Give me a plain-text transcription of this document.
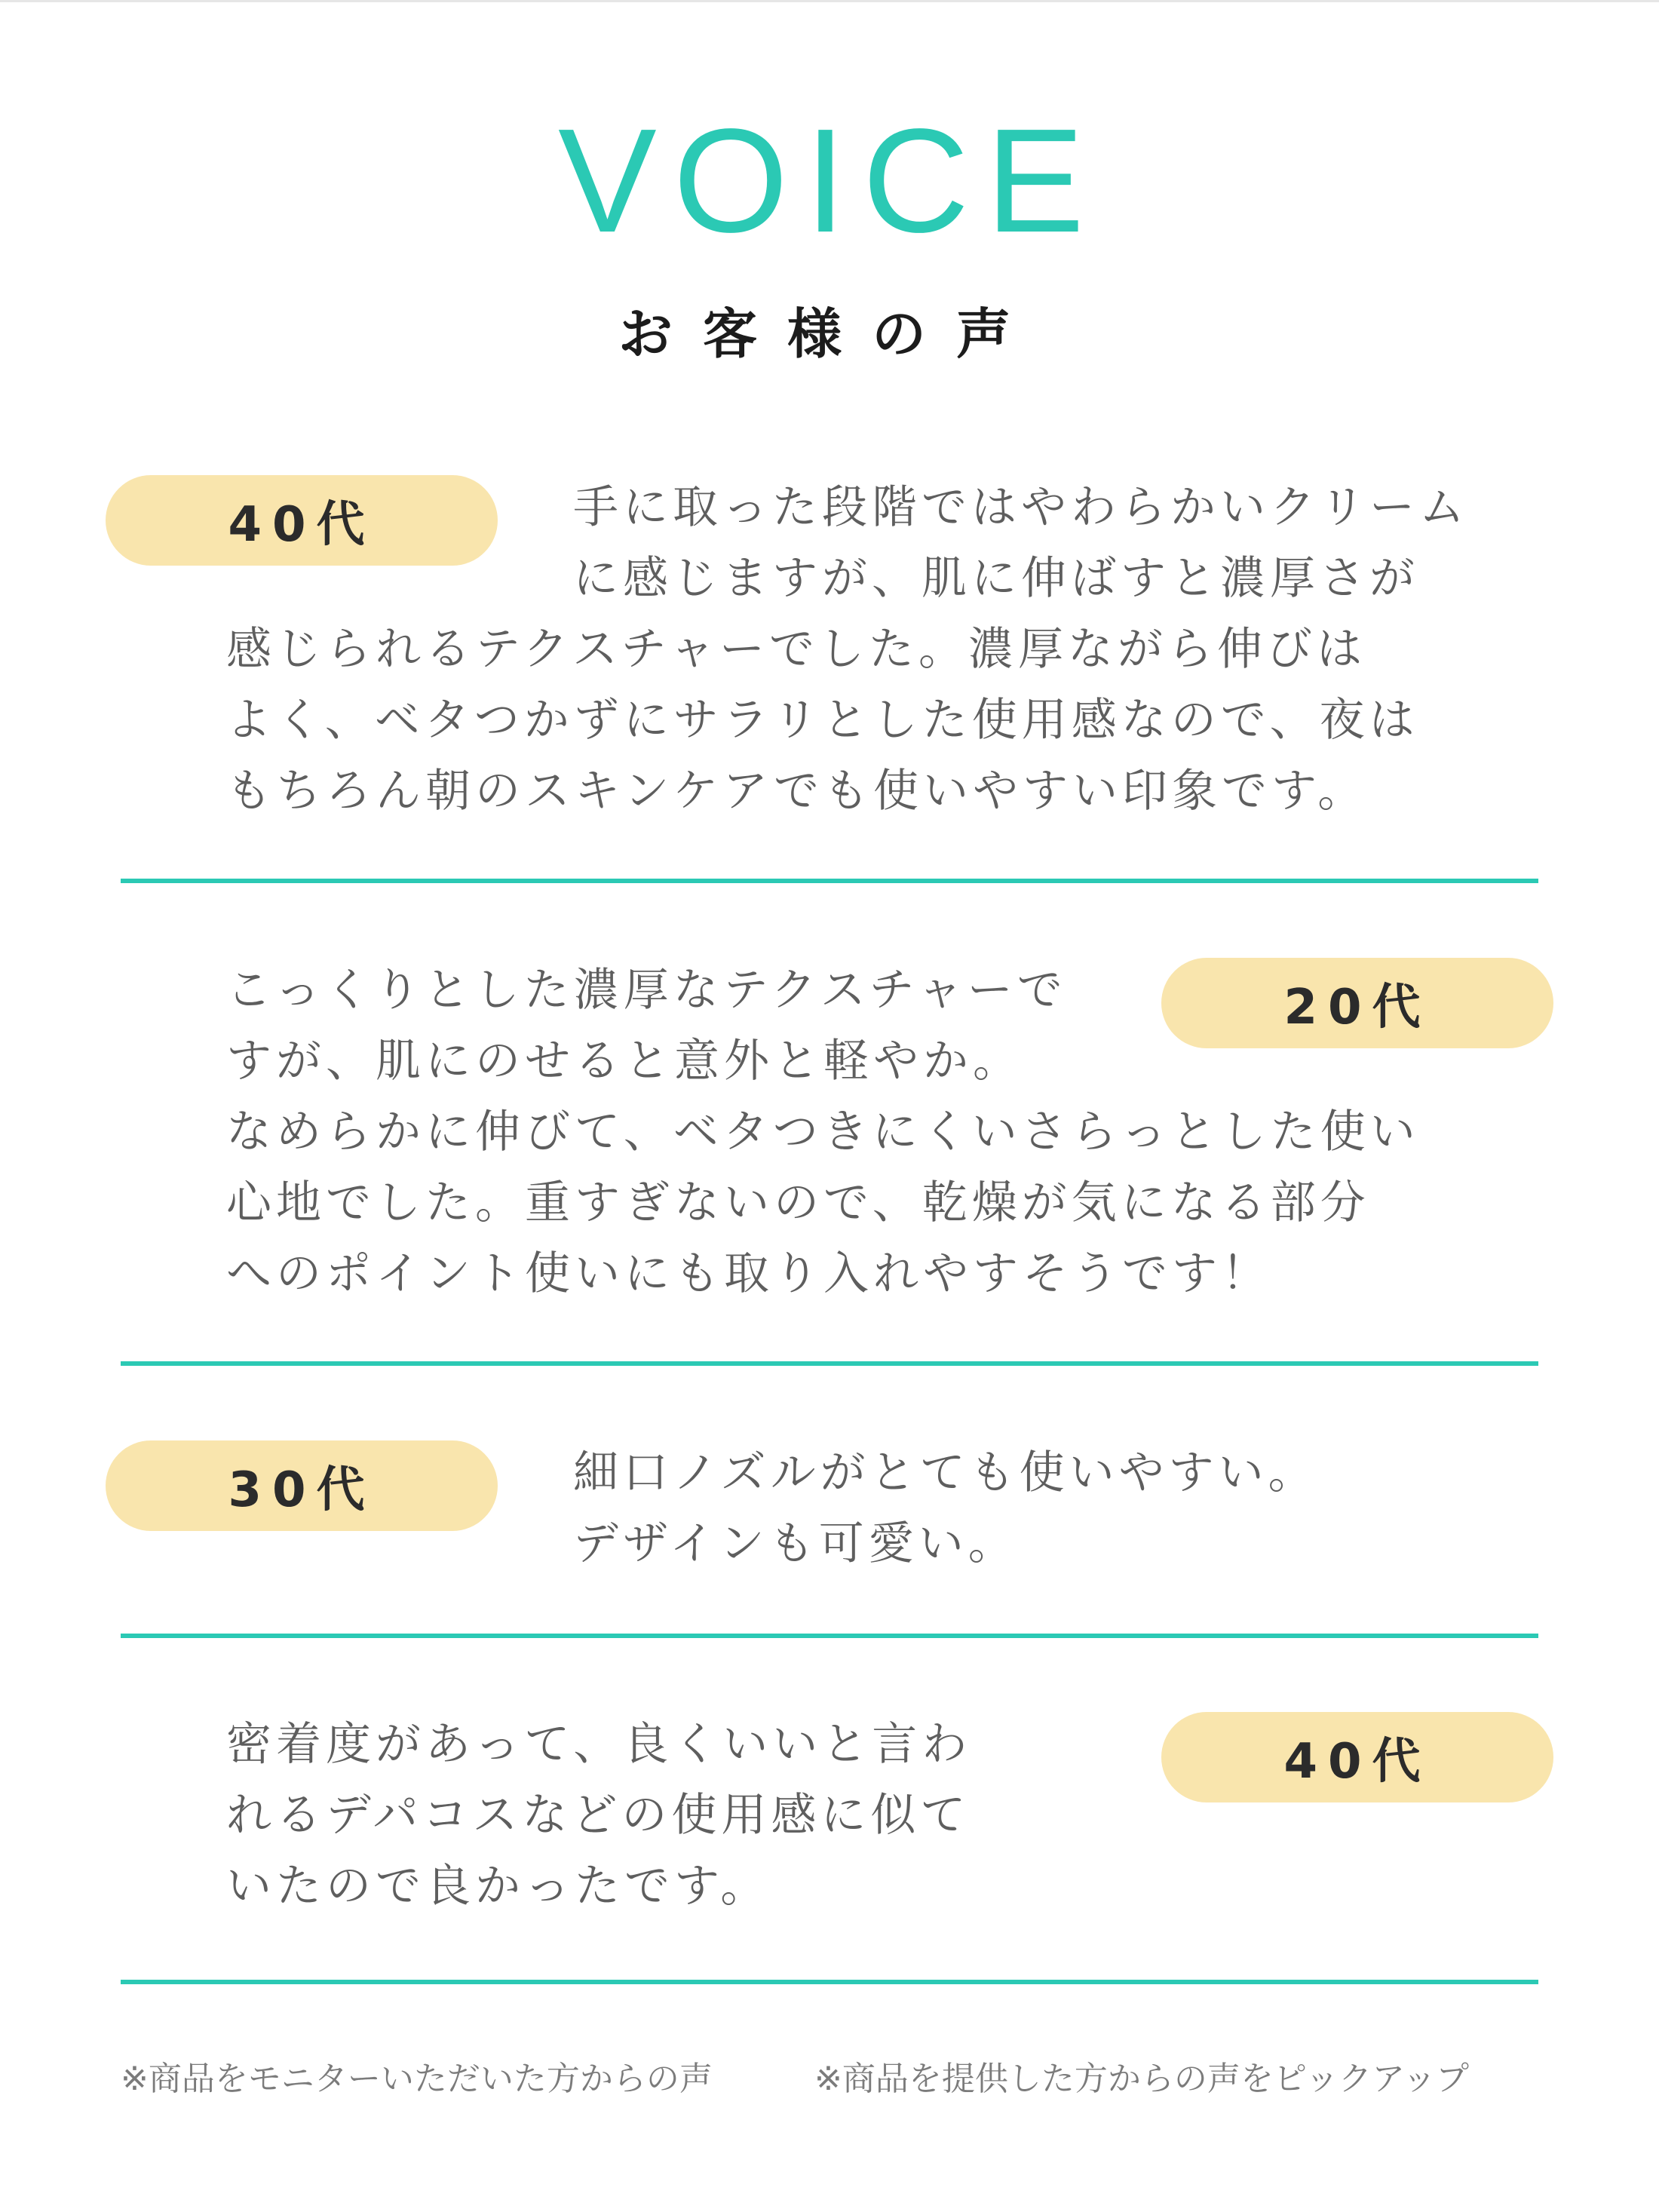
VOICE
お客様の声
40代	手に取った段階ではやわらかいクリーム
に感じますが、肌に伸ばすと濃厚さが
感じられるテクスチャーでした。濃厚ながら伸びは
よく、ベタつかずにサラリとした使用感なので、夜は
もちろん朝のスキンケアでも使いやすい印象です。
20代
こっくりとした濃厚なテクスチャーで
すが、肌にのせると意外と軽やか。
なめらかに伸びて、ベタつきにくいさらっとした使い
心地でした。重すぎないので、乾燥が気になる部分
へのポイント使いにも取り入れやすそうです！
30代	細口ノズルがとても使いやすい。
デザインも可愛い。
40代
密着度があって、良くいいと言わ
れるデパコスなどの使用感に似て
いたので良かったです。
※商品をモニターいただいた方からの声	※商品を提供した方からの声をピックアップ
